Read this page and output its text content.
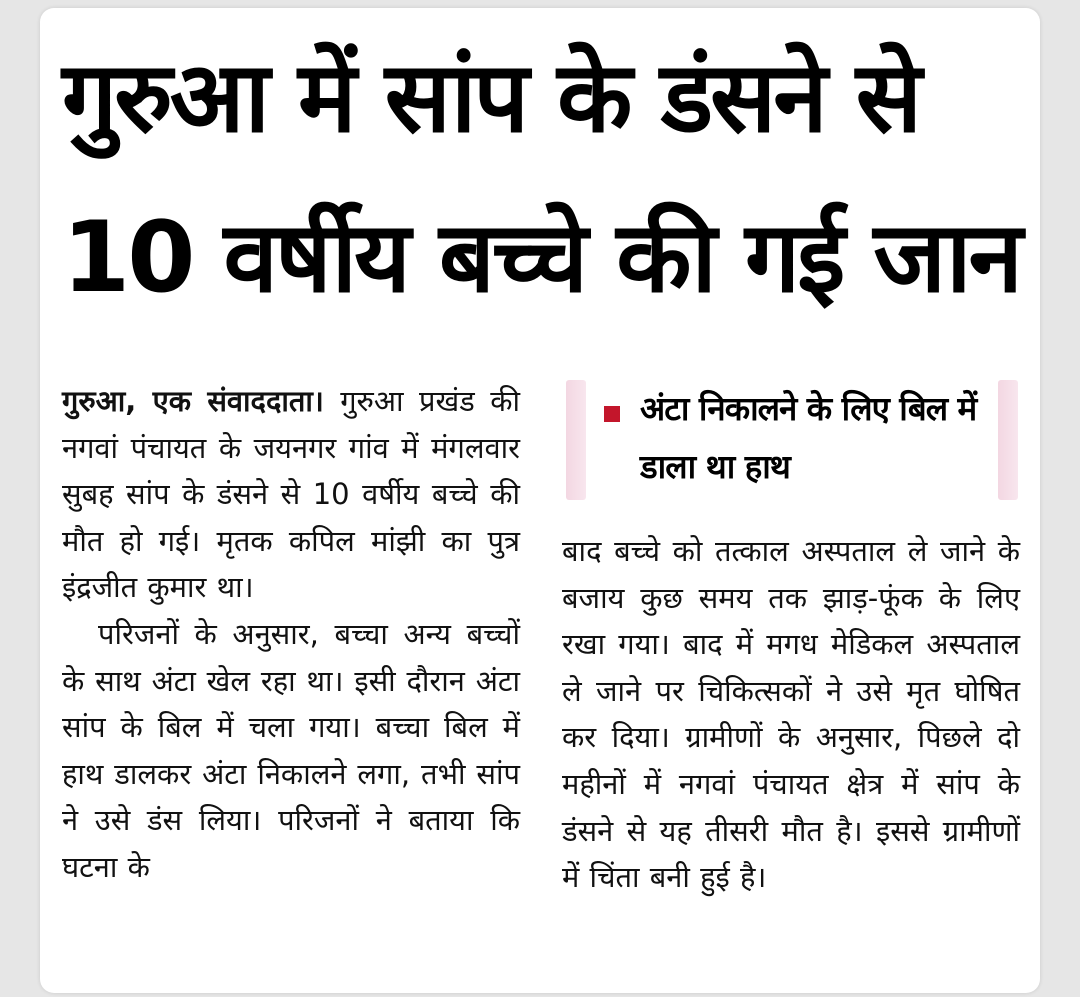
गुरुआ में सांप के डंसने से
10 वर्षीय बच्चे की गई जान
गुरुआ, एक संवाददाता। गुरुआ प्रखंड की नगवां पंचायत के जयनगर गांव में मंगलवार सुबह सांप के डंसने से 10 वर्षीय बच्चे की मौत हो गई। मृतक कपिल मांझी का पुत्र इंद्रजीत कुमार था।
परिजनों के अनुसार, बच्चा अन्य बच्चों के साथ अंटा खेल रहा था। इसी दौरान अंटा सांप के बिल में चला गया। बच्चा बिल में हाथ डालकर अंटा निकालने लगा, तभी सांप ने उसे डंस लिया। परिजनों ने बताया कि घटना के
अंटा निकालने के लिए बिल में डाला था हाथ
बाद बच्चे को तत्काल अस्पताल ले जाने के बजाय कुछ समय तक झाड़-फूंक के लिए रखा गया। बाद में मगध मेडिकल अस्पताल ले जाने पर चिकित्सकों ने उसे मृत घोषित कर दिया। ग्रामीणों के अनुसार, पिछले दो महीनों में नगवां पंचायत क्षेत्र में सांप के डंसने से यह तीसरी मौत है। इससे ग्रामीणों में चिंता बनी हुई है।
